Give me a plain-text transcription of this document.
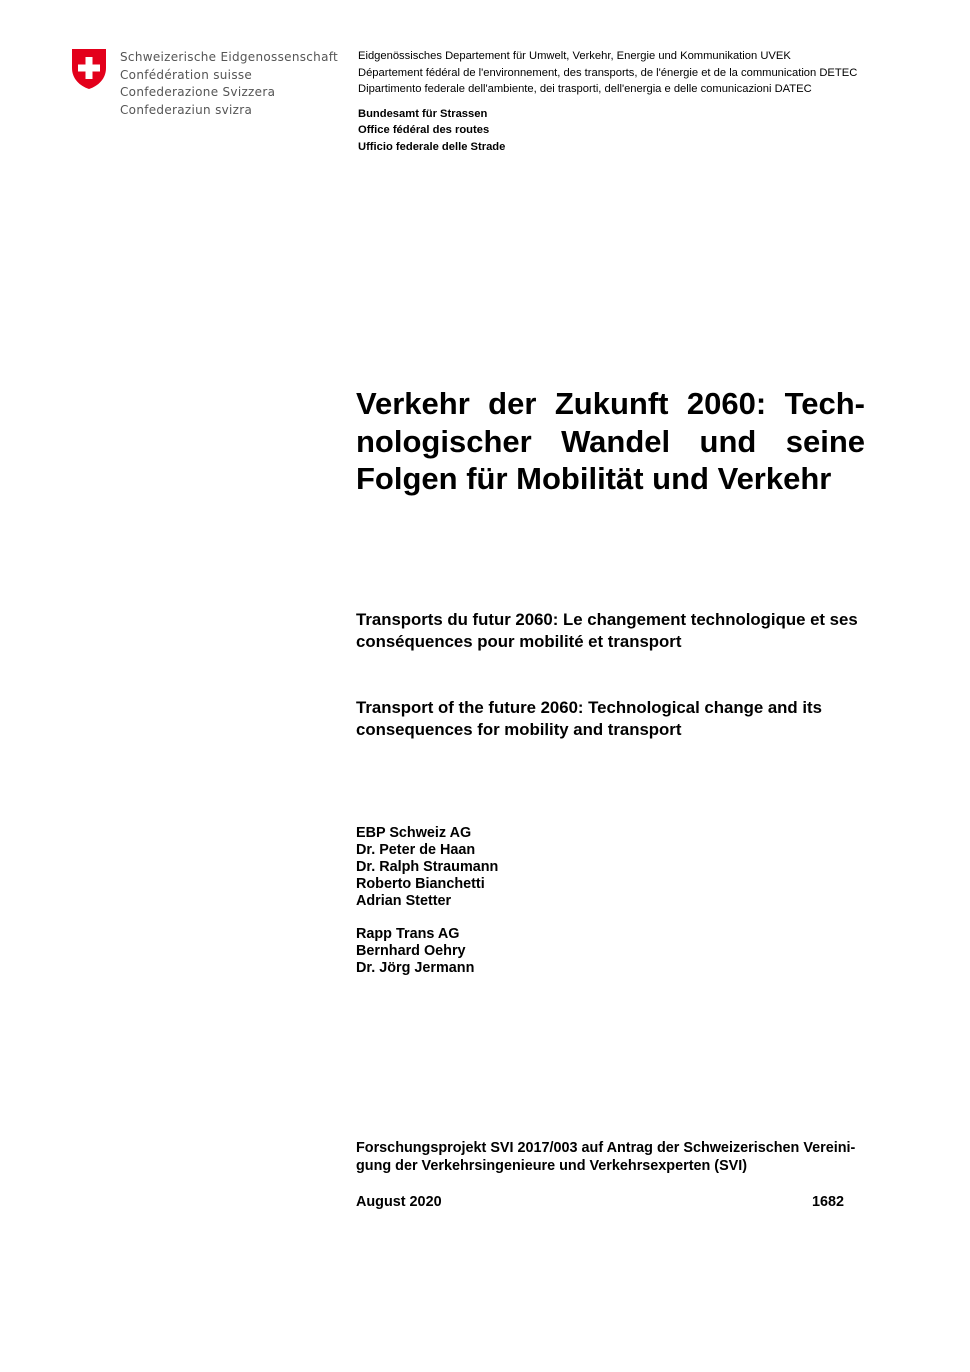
Schweizerische Eidgenossenschaft
Confédération suisse
Confederazione Svizzera
Confederaziun svizra
Eidgenössisches Departement für Umwelt, Verkehr, Energie und Kommunikation UVEK
Département fédéral de l'environnement, des transports, de l'énergie et de la communication DETEC
Dipartimento federale dell'ambiente, dei trasporti, dell'energia e delle comunicazioni DATEC
Bundesamt für Strassen
Office fédéral des routes
Ufficio federale delle Strade
Verkehr der Zukunft 2060: Tech-nologischer Wandel und seine Folgen für Mobilität und Verkehr
Transports du futur 2060: Le changement technologique et ses conséquences pour mobilité et transport
Transport of the future 2060: Technological change and its consequences for mobility and transport
EBP Schweiz AG
Dr. Peter de Haan
Dr. Ralph Straumann
Roberto Bianchetti
Adrian Stetter
Rapp Trans AG
Bernhard Oehry
Dr. Jörg Jermann
Forschungsprojekt SVI 2017/003 auf Antrag der Schweizerischen Vereini-
gung der Verkehrsingenieure und Verkehrsexperten (SVI)
August 2020	1682
